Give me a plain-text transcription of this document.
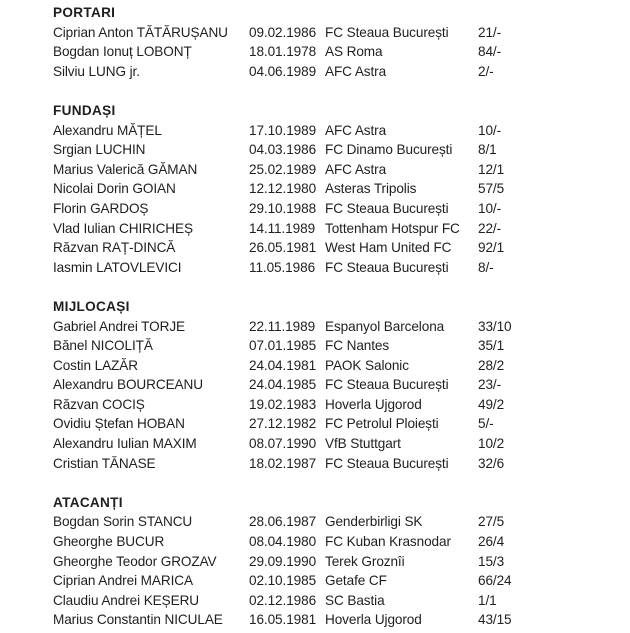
PORTARI
Ciprian Anton TĂTĂRUȘANU	09.02.1986 FC Steaua București	21/-
Bogdan Ionuț LOBONȚ	18.01.1978 AS Roma	84/-
Silviu LUNG jr.	04.06.1989 AFC Astra	2/-
FUNDAȘI
Alexandru MĂȚEL	17.10.1989 AFC Astra	10/-
Srgian LUCHIN	04.03.1986 FC Dinamo București	8/1
Marius Valerică GĂMAN	25.02.1989 AFC Astra	12/1
Nicolai Dorin GOIAN	12.12.1980 Asteras Tripolis	57/5
Florin GARDOȘ	29.10.1988 FC Steaua București	10/-
Vlad Iulian CHIRICHEȘ	14.11.1989 Tottenham Hotspur FC	22/-
Răzvan RAȚ-DINCĂ	26.05.1981 West Ham United FC	92/1
Iasmin LATOVLEVICI	11.05.1986 FC Steaua București	8/-
MIJLOCAȘI
Gabriel Andrei TORJE	22.11.1989 Espanyol Barcelona	33/10
Bănel NICOLIȚĂ	07.01.1985 FC Nantes	35/1
Costin LAZĂR	24.04.1981 PAOK Salonic	28/2
Alexandru BOURCEANU	24.04.1985 FC Steaua București	23/-
Răzvan COCIȘ	19.02.1983 Hoverla Ujgorod	49/2
Ovidiu Ștefan HOBAN	27.12.1982 FC Petrolul Ploiești	5/-
Alexandru Iulian MAXIM	08.07.1990 VfB Stuttgart	10/2
Cristian TĂNASE	18.02.1987 FC Steaua București	32/6
ATACANȚI
Bogdan Sorin STANCU	28.06.1987 Genderbirligi SK	27/5
Gheorghe BUCUR	08.04.1980 FC Kuban Krasnodar	26/4
Gheorghe Teodor GROZAV	29.09.1990 Terek Groznîi	15/3
Ciprian Andrei MARICA	02.10.1985 Getafe CF	66/24
Claudiu Andrei KEȘERU	02.12.1986 SC Bastia	1/1
Marius Constantin NICULAE	16.05.1981 Hoverla Ujgorod	43/15
